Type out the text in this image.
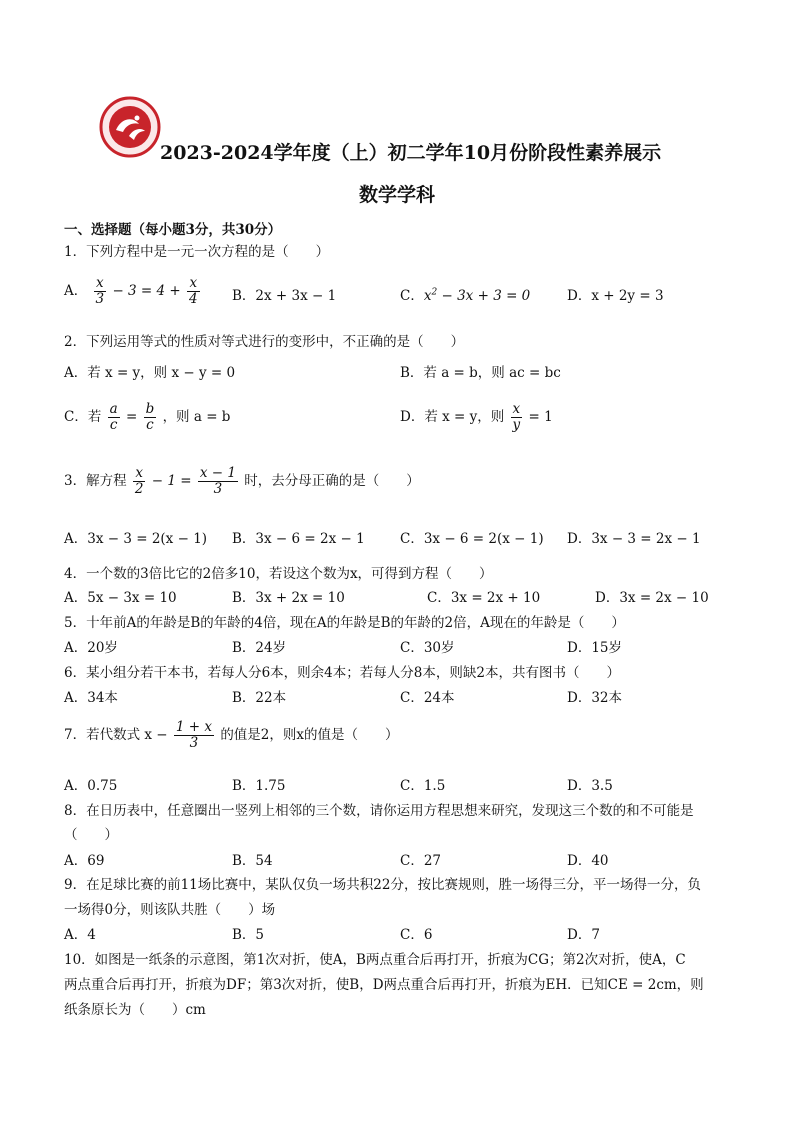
2023-2024学年度（上）初二学年10月份阶段性素养展示
数学学科
一、选择题（每小题3分，共30分）
1．下列方程中是一元一次方程的是（　　）
A． $\frac{x}{3} - 3 = 4 + \frac{x}{4}$ B．2x + 3x − 1	C．$x^2 - 3x + 3 = 0$	D．x + 2y = 3
2．下列运用等式的性质对等式进行的变形中，不正确的是（　　）
A．若 x = y，则 x − y = 0	B．若 a = b，则 ac = bc
C．若 $\frac{a}{c} = \frac{b}{c}$ ，则 a = b	D．若 x = y，则 $\frac{x}{y} = 1$
3．解方程 $\frac{x}{2} - 1 = \frac{x - 1}{3}$ 时，去分母正确的是（　　）
A．3x − 3 = 2(x − 1) B．3x − 6 = 2x − 1	C．3x − 6 = 2(x − 1) D．3x − 3 = 2x − 1
4．一个数的3倍比它的2倍多10，若设这个数为x，可得到方程（　　）
A．5x − 3x = 10	B．3x + 2x = 10	C．3x = 2x + 10	D．3x = 2x − 10
5．十年前A的年龄是B的年龄的4倍，现在A的年龄是B的年龄的2倍，A现在的年龄是（　　）
A．20岁	B．24岁	C．30岁	D．15岁
6．某小组分若干本书，若每人分6本，则余4本；若每人分8本，则缺2本，共有图书（　　）
A．34本	B．22本	C．24本	D．32本
7．若代数式 $x - \frac{1 + x}{3}$ 的值是2，则x的值是（　　）
A．0.75	B．1.75	C．1.5	D．3.5
8．在日历表中，任意圈出一竖列上相邻的三个数，请你运用方程思想来研究，发现这三个数的和不可能是
（　　）
A．69	B．54	C．27	D．40
9．在足球比赛的前11场比赛中，某队仅负一场共积22分，按比赛规则，胜一场得三分，平一场得一分，负
一场得0分，则该队共胜（　　）场
A．4	B．5	C．6	D．7
10．如图是一纸条的示意图，第1次对折，使A，B两点重合后再打开，折痕为CG；第2次对折，使A，C
两点重合后再打开，折痕为DF；第3次对折，使B，D两点重合后再打开，折痕为EH．已知CE = 2cm，则
纸条原长为（　　）cm
